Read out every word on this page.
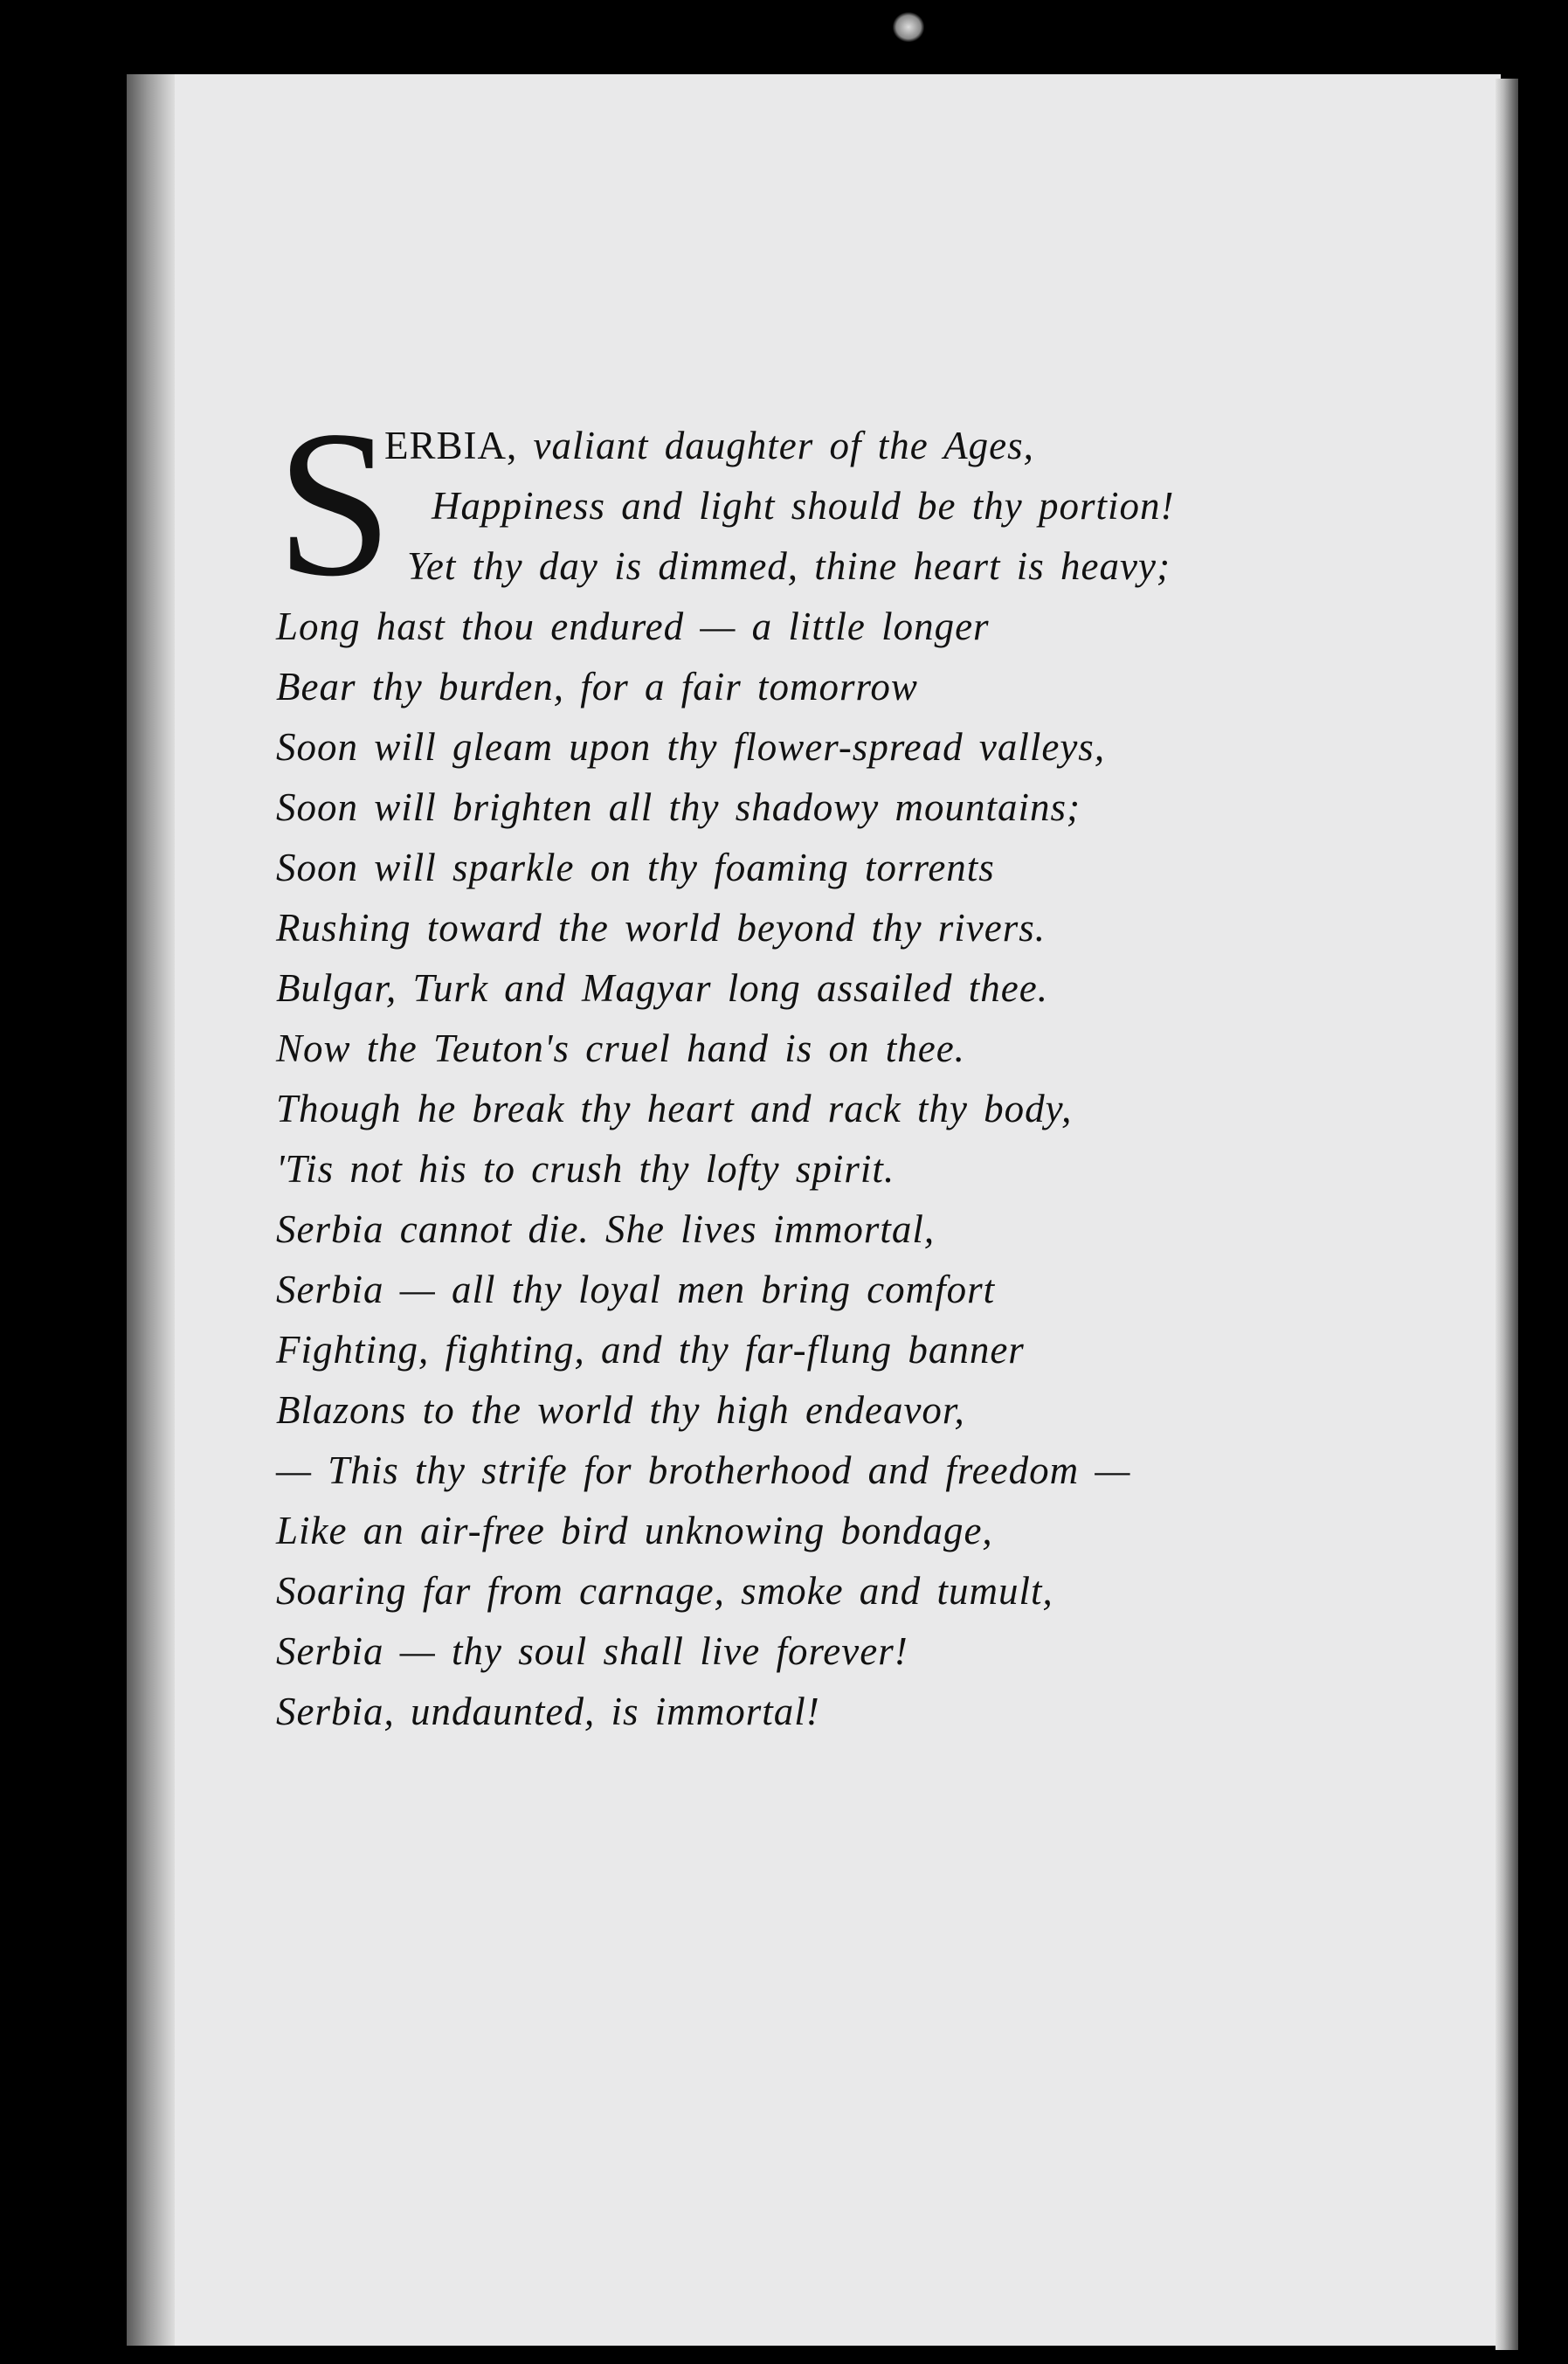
S
ERBIA, valiant daughter of the Ages,
Happiness and light should be thy portion!
Yet thy day is dimmed, thine heart is heavy;
Long hast thou endured — a little longer
Bear thy burden, for a fair tomorrow
Soon will gleam upon thy flower-spread valleys,
Soon will brighten all thy shadowy mountains;
Soon will sparkle on thy foaming torrents
Rushing toward the world beyond thy rivers.
Bulgar, Turk and Magyar long assailed thee.
Now the Teuton's cruel hand is on thee.
Though he break thy heart and rack thy body,
'Tis not his to crush thy lofty spirit.
Serbia cannot die. She lives immortal,
Serbia — all thy loyal men bring comfort
Fighting, fighting, and thy far-flung banner
Blazons to the world thy high endeavor,
— This thy strife for brotherhood and freedom —
Like an air-free bird unknowing bondage,
Soaring far from carnage, smoke and tumult,
Serbia — thy soul shall live forever!
Serbia, undaunted, is immortal!
